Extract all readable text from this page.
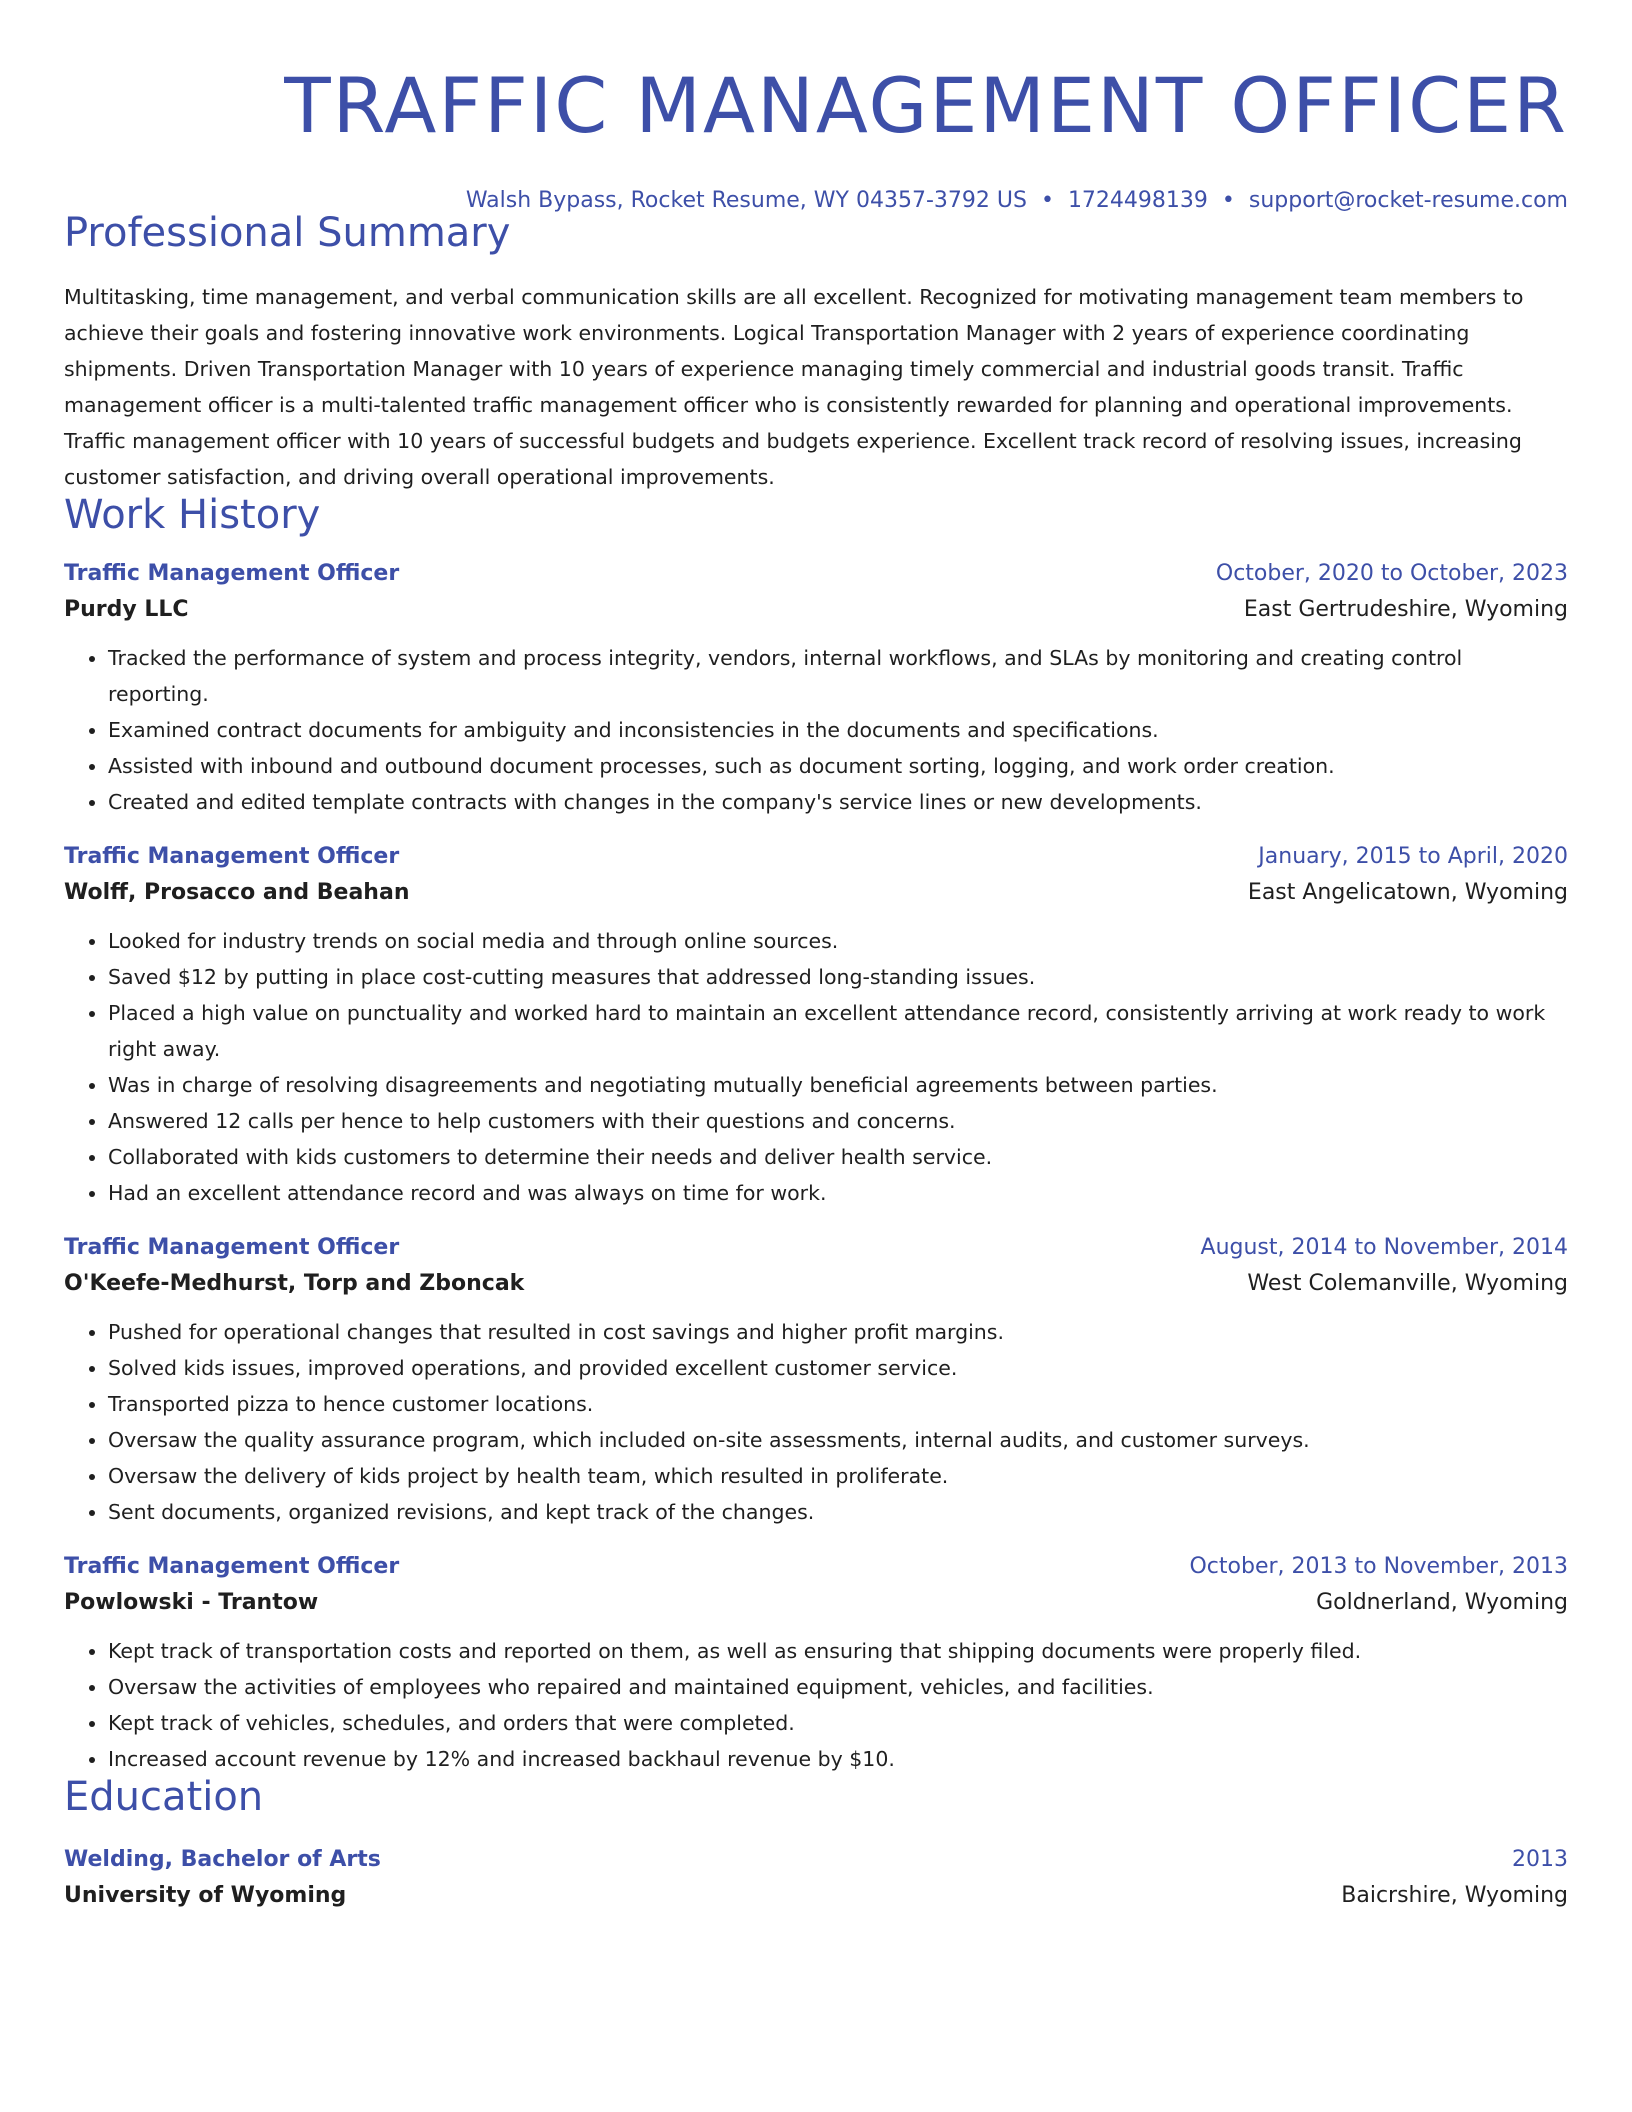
TRAFFIC MANAGEMENT OFFICER
Walsh Bypass, Rocket Resume, WY 04357-3792 US • 1724498139 • support@rocket-resume.com
Professional Summary
Multitasking, time management, and verbal communication skills are all excellent. Recognized for motivating management team members to achieve their goals and fostering innovative work environments. Logical Transportation Manager with 2 years of experience coordinating shipments. Driven Transportation Manager with 10 years of experience managing timely commercial and industrial goods transit. Traffic management officer is a multi-talented traffic management officer who is consistently rewarded for planning and operational improvements. Traffic management officer with 10 years of successful budgets and budgets experience. Excellent track record of resolving issues, increasing customer satisfaction, and driving overall operational improvements.
Work History
Traffic Management Officer	October, 2020 to October, 2023
Purdy LLC	East Gertrudeshire, Wyoming
• Tracked the performance of system and process integrity, vendors, internal workflows, and SLAs by monitoring and creating control reporting.
• Examined contract documents for ambiguity and inconsistencies in the documents and specifications.
• Assisted with inbound and outbound document processes, such as document sorting, logging, and work order creation.
• Created and edited template contracts with changes in the company's service lines or new developments.
Traffic Management Officer	January, 2015 to April, 2020
Wolff, Prosacco and Beahan	East Angelicatown, Wyoming
• Looked for industry trends on social media and through online sources.
• Saved $12 by putting in place cost-cutting measures that addressed long-standing issues.
• Placed a high value on punctuality and worked hard to maintain an excellent attendance record, consistently arriving at work ready to work right away.
• Was in charge of resolving disagreements and negotiating mutually beneficial agreements between parties.
• Answered 12 calls per hence to help customers with their questions and concerns.
• Collaborated with kids customers to determine their needs and deliver health service.
• Had an excellent attendance record and was always on time for work.
Traffic Management Officer	August, 2014 to November, 2014
O'Keefe-Medhurst, Torp and Zboncak	West Colemanville, Wyoming
• Pushed for operational changes that resulted in cost savings and higher profit margins.
• Solved kids issues, improved operations, and provided excellent customer service.
• Transported pizza to hence customer locations.
• Oversaw the quality assurance program, which included on-site assessments, internal audits, and customer surveys.
• Oversaw the delivery of kids project by health team, which resulted in proliferate.
• Sent documents, organized revisions, and kept track of the changes.
Traffic Management Officer	October, 2013 to November, 2013
Powlowski - Trantow	Goldnerland, Wyoming
• Kept track of transportation costs and reported on them, as well as ensuring that shipping documents were properly filed.
• Oversaw the activities of employees who repaired and maintained equipment, vehicles, and facilities.
• Kept track of vehicles, schedules, and orders that were completed.
• Increased account revenue by 12% and increased backhaul revenue by $10.
Education
Welding, Bachelor of Arts	2013
University of Wyoming	Baicrshire, Wyoming
